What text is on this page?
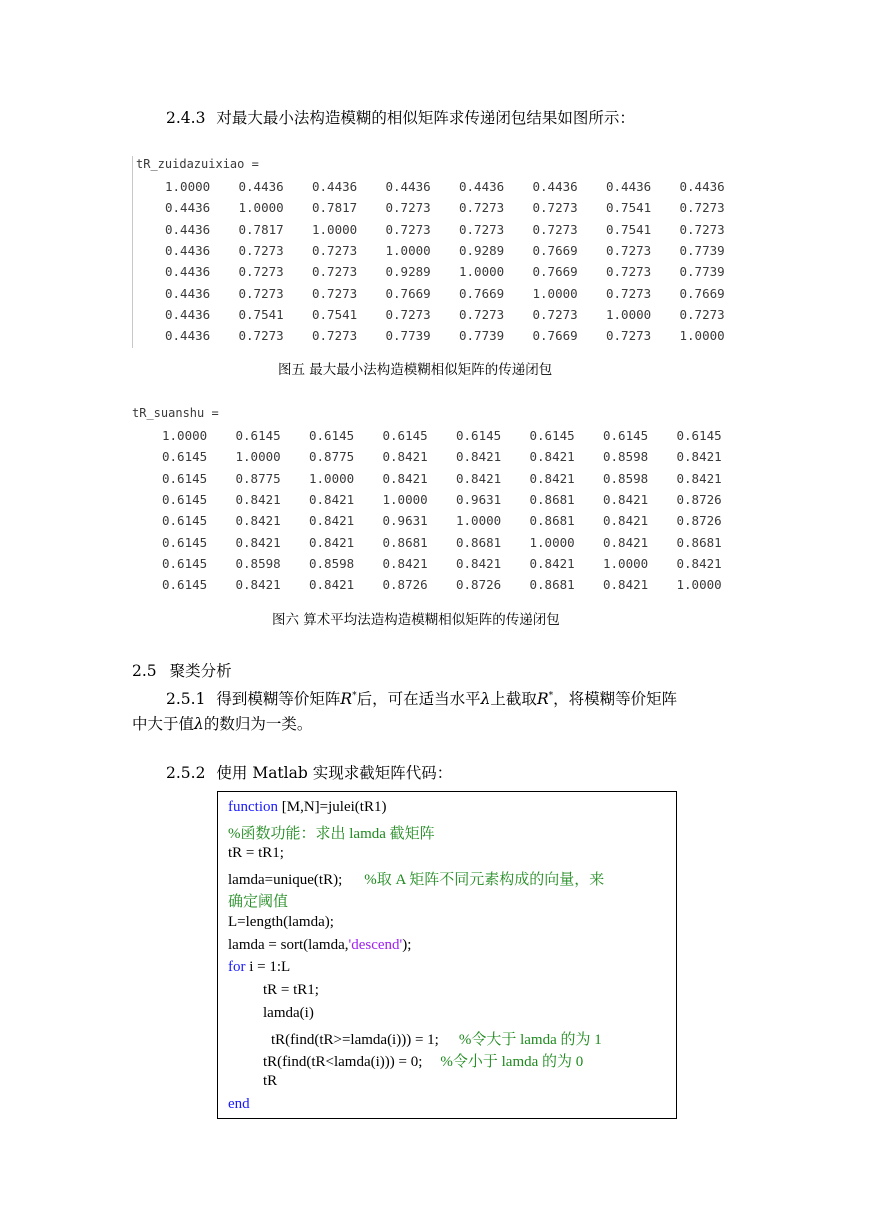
2.4.3 对最大最小法构造模糊的相似矩阵求传递闭包结果如图所示：
tR_zuidazuixiao =
1.0000	0.4436	0.4436	0.4436	0.4436	0.4436	0.4436	0.4436
0.4436	1.0000	0.7817	0.7273	0.7273	0.7273	0.7541	0.7273
0.4436	0.7817	1.0000	0.7273	0.7273	0.7273	0.7541	0.7273
0.4436	0.7273	0.7273	1.0000	0.9289	0.7669	0.7273	0.7739
0.4436	0.7273	0.7273	0.9289	1.0000	0.7669	0.7273	0.7739
0.4436	0.7273	0.7273	0.7669	0.7669	1.0000	0.7273	0.7669
0.4436	0.7541	0.7541	0.7273	0.7273	0.7273	1.0000	0.7273
0.4436	0.7273	0.7273	0.7739	0.7739	0.7669	0.7273	1.0000
图五 最大最小法构造模糊相似矩阵的传递闭包
tR_suanshu =
1.0000	0.6145	0.6145	0.6145	0.6145	0.6145	0.6145	0.6145
0.6145	1.0000	0.8775	0.8421	0.8421	0.8421	0.8598	0.8421
0.6145	0.8775	1.0000	0.8421	0.8421	0.8421	0.8598	0.8421
0.6145	0.8421	0.8421	1.0000	0.9631	0.8681	0.8421	0.8726
0.6145	0.8421	0.8421	0.9631	1.0000	0.8681	0.8421	0.8726
0.6145	0.8421	0.8421	0.8681	0.8681	1.0000	0.8421	0.8681
0.6145	0.8598	0.8598	0.8421	0.8421	0.8421	1.0000	0.8421
0.6145	0.8421	0.8421	0.8726	0.8726	0.8681	0.8421	1.0000
图六 算术平均法造构造模糊相似矩阵的传递闭包
2.5 聚类分析
2.5.1 得到模糊等价矩阵R*后，可在适当水平λ上截取R*，将模糊等价矩阵
中大于值λ的数归为一类。
2.5.2 使用 Matlab 实现求截矩阵代码：
function [M,N]=julei(tR1)
%函数功能：求出 lamda 截矩阵
tR = tR1;
lamda=unique(tR); %取 A 矩阵不同元素构成的向量，来
确定阈值
L=length(lamda);
lamda = sort(lamda,'descend');
for i = 1:L
tR = tR1;
lamda(i)
tR(find(tR>=lamda(i))) = 1; %令大于 lamda 的为 1
tR(find(tR<lamda(i))) = 0; %令小于 lamda 的为 0
tR
end
